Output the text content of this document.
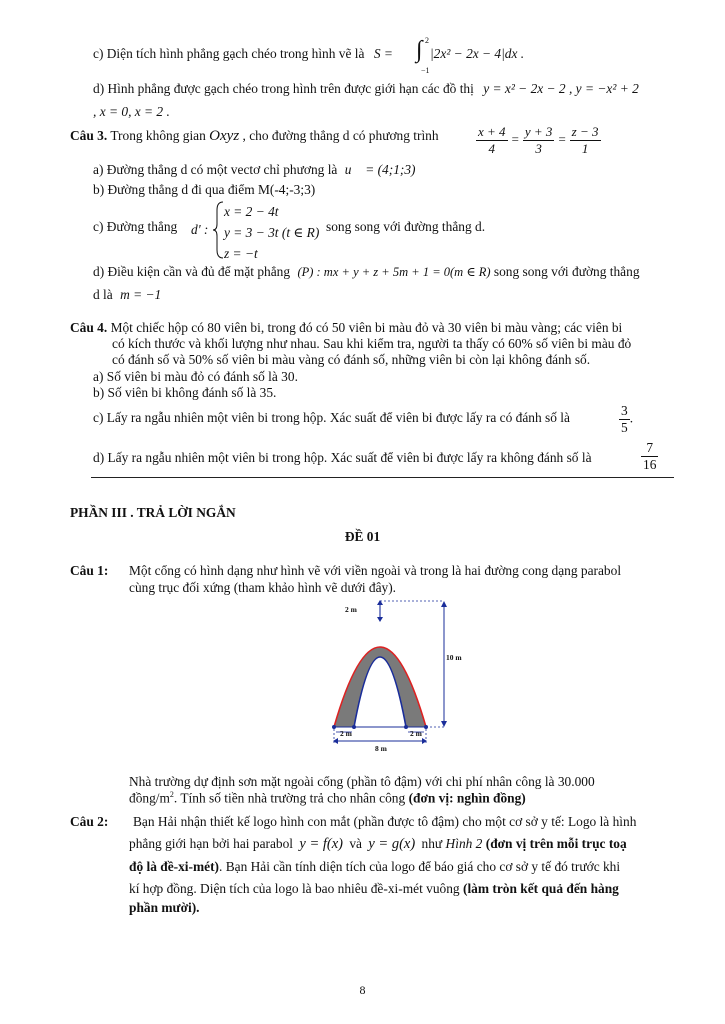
c) Diện tích hình phẳng gạch chéo trong hình vẽ là S =
2
∫
−1
|2x² − 2x − 4|dx .
d) Hình phẳng được gạch chéo trong hình trên được giới hạn các đồ thị y = x² − 2x − 2 , y = −x² + 2
, x = 0, x = 2 .
Câu 3. Trong không gian Oxyz , cho đường thẳng d có phương trình	$\frac{x + 4}{4} = \frac{y + 3}{3} = \frac{z - 3}{1}$
a) Đường thẳng d có một vectơ chỉ phương là u⃗ = (4;1;3)
b) Đường thẳng d đi qua điểm M(-4;-3;3)
c) Đường thẳng d' :
x = 2 − 4t
y = 3 − 3t (t ∈ R)
z = −t
song song với đường thẳng d.
d) Điều kiện cần và đủ để mặt phẳng (P) : mx + y + z + 5m + 1 = 0(m ∈ R) song song với đường thẳng
d là m = −1
Câu 4. Một chiếc hộp có 80 viên bi, trong đó có 50 viên bi màu đỏ và 30 viên bi màu vàng; các viên bi
có kích thước và khối lượng như nhau. Sau khi kiểm tra, người ta thấy có 60% số viên bi màu đỏ
có đánh số và 50% số viên bi màu vàng có đánh số, những viên bi còn lại không đánh số.
a) Số viên bi màu đỏ có đánh số là 30.
b) Số viên bi không đánh số là 35.
c) Lấy ra ngẫu nhiên một viên bi trong hộp. Xác suất để viên bi được lấy ra có đánh số là	$\frac{3}{5}$ .
d) Lấy ra ngẫu nhiên một viên bi trong hộp. Xác suất để viên bi được lấy ra không đánh số là	$\frac{7}{16}$
PHẦN III . TRẢ LỜI NGẮN
ĐỀ 01
Câu 1: Một cổng có hình dạng như hình vẽ với viền ngoài và trong là hai đường cong dạng parabol
cùng trục đối xứng (tham khảo hình vẽ dưới đây).
2 m
10 m
2 m	2 m
8 m
Nhà trường dự định sơn mặt ngoài cổng (phần tô đậm) với chi phí nhân công là 30.000
đồng/$m^2$. Tính số tiền nhà trường trả cho nhân công (đơn vị: nghìn đồng)
Câu 2: Bạn Hải nhận thiết kế logo hình con mắt (phần được tô đậm) cho một cơ sở y tế: Logo là hình
phẳng giới hạn bởi hai parabol y = f(x) và y = g(x) như Hình 2 (đơn vị trên mỗi trục toạ
độ là đề-xi-mét). Bạn Hải cần tính diện tích của logo để báo giá cho cơ sở y tế đó trước khi
kí hợp đồng. Diện tích của logo là bao nhiêu đề-xi-mét vuông (làm tròn kết quả đến hàng
phần mười).
8
